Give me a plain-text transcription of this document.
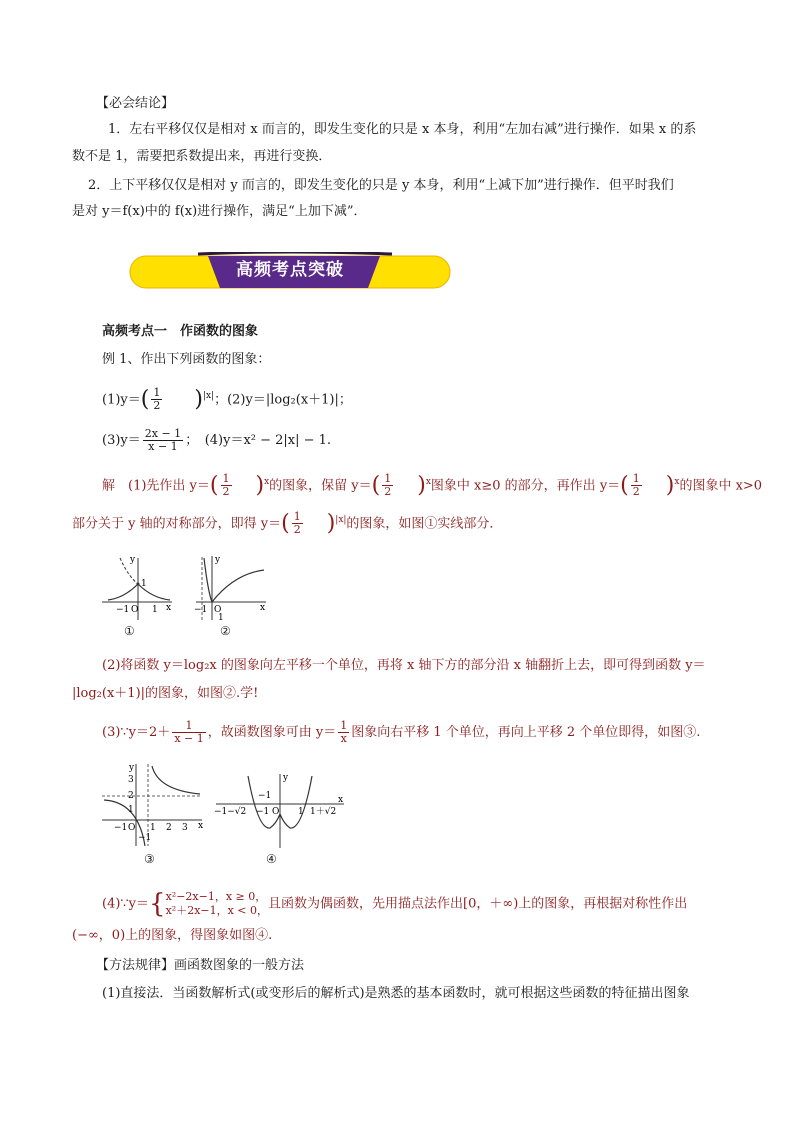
【必会结论】
1．左右平移仅仅是相对 x 而言的，即发生变化的只是 x 本身，利用“左加右减”进行操作．如果 x 的系
数不是 1，需要把系数提出来，再进行变换．
2．上下平移仅仅是相对 y 而言的，即发生变化的只是 y 本身，利用“上减下加”进行操作．但平时我们
是对 y＝f(x)中的 f(x)进行操作，满足“上加下减”．
高频考点突破
高频考点一　作函数的图象
例 1、作出下列函数的图象：
$(1)y=( \frac{1}{2} )^{|x|}$；(2)y＝|log₂(x＋1)|；
$(3)y= \frac{2x - 1}{x - 1}$ ；　(4)y＝x² − 2|x| − 1.
解　(1)先作出 $y=( \frac{1}{2} )^x$的图象，保留 $y=( \frac{1}{2} )^x$图象中 x≥0 的部分，再作出 $y=( \frac{1}{2} )^x$的图象中 x>0
部分关于 y 轴的对称部分，即得 $y=( \frac{1}{2} )^{|x|}$的图象，如图①实线部分．
y
1
−1 O 1 x
①
y
O	x
−1
1
②
(2)将函数 y＝log₂x 的图象向左平移一个单位，再将 x 轴下方的部分沿 x 轴翻折上去，即可得到函数 y＝
|log₂(x＋1)|的图象，如图②.学!
(3)∵y＝2＋ $\frac{1}{x - 1}$ ，故函数图象可由 $y= \frac{1}{x}$ 图象向右平移 1 个单位，再向上平移 2 个单位即得，如图③.
y
3
2
1
−1 O 1 2 3 x
−1
③
y
−1
−1−√2 −1 O 1 1＋√2
x
④
(4)∵y＝{ x²−2x−1，x ≥ 0，
x²＋2x−1，x < 0， 且函数为偶函数，先用描点法作出[0，＋∞)上的图象，再根据对称性作出
(−∞，0)上的图象，得图象如图④.
【方法规律】画函数图象的一般方法
(1)直接法．当函数解析式(或变形后的解析式)是熟悉的基本函数时，就可根据这些函数的特征描出图象
